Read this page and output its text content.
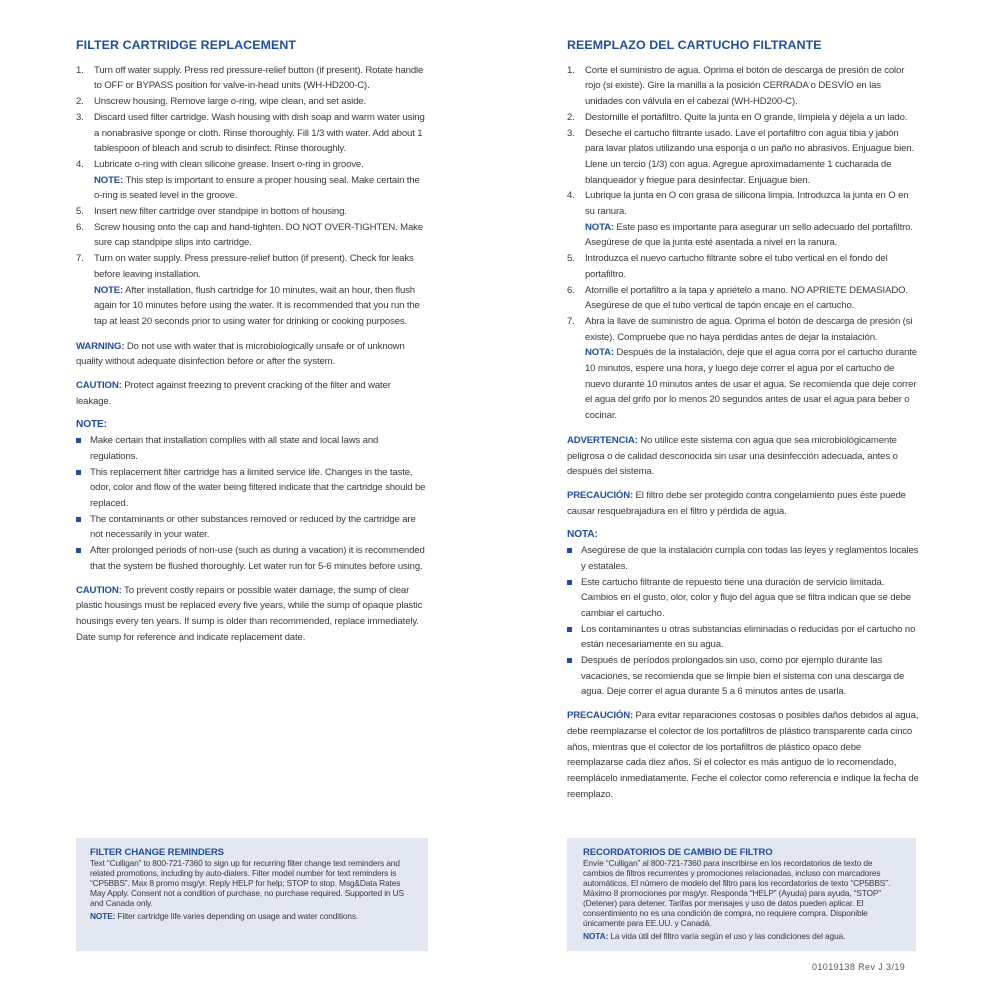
FILTER CARTRIDGE REPLACEMENT
1. Turn off water supply. Press red pressure-relief button (if present). Rotate handle to OFF or BYPASS position for valve-in-head units (WH-HD200-C).
2. Unscrew housing. Remove large o-ring, wipe clean, and set aside.
3. Discard used filter cartridge. Wash housing with dish soap and warm water using a nonabrasive sponge or cloth. Rinse thoroughly. Fill 1/3 with water. Add about 1 tablespoon of bleach and scrub to disinfect. Rinse thoroughly.
4. Lubricate o-ring with clean silicone grease. Insert o-ring in groove.
NOTE: This step is important to ensure a proper housing seal. Make certain the o-ring is seated level in the groove.
5. Insert new filter cartridge over standpipe in bottom of housing.
6. Screw housing onto the cap and hand-tighten. DO NOT OVER-TIGHTEN. Make sure cap standpipe slips into cartridge.
7. Turn on water supply. Press pressure-relief button (if present). Check for leaks before leaving installation.
NOTE: After installation, flush cartridge for 10 minutes, wait an hour, then flush again for 10 minutes before using the water. It is recommended that you run the tap at least 20 seconds prior to using water for drinking or cooking purposes.

WARNING: Do not use with water that is microbiologically unsafe or of unknown quality without adequate disinfection before or after the system.

CAUTION: Protect against freezing to prevent cracking of the filter and water leakage.

NOTE:
Make certain that installation complies with all state and local laws and regulations.
This replacement filter cartridge has a limited service life. Changes in the taste, odor, color and flow of the water being filtered indicate that the cartridge should be replaced.
The contaminants or other substances removed or reduced by the cartridge are not necessarily in your water.
After prolonged periods of non-use (such as during a vacation) it is recommended that the system be flushed thoroughly. Let water run for 5-6 minutes before using.

CAUTION: To prevent costly repairs or possible water damage, the sump of clear plastic housings must be replaced every five years, while the sump of opaque plastic housings every ten years. If sump is older than recommended, replace immediately. Date sump for reference and indicate replacement date.

REEMPLAZO DEL CARTUCHO FILTRANTE
1. Corte el suministro de agua. Oprima el botón de descarga de presión de color rojo (si existe). Gire la manilla a la posición CERRADA o DESVÍO en las unidades con válvula en el cabezal (WH-HD200-C).
2. Destornille el portafiltro. Quite la junta en O grande, límpiela y déjela a un lado.
3. Deseche el cartucho filtrante usado. Lave el portafiltro con agua tibia y jabón para lavar platos utilizando una esponja o un paño no abrasivos. Enjuague bien. Llene un tercio (1/3) con agua. Agregue aproximadamente 1 cucharada de blanqueador y friegue para desinfectar. Enjuague bien.
4. Lubrique la junta en O con grasa de silicona limpia. Introduzca la junta en O en su ranura.
NOTA: Este paso es importante para asegurar un sello adecuado del portafiltro. Asegúrese de que la junta esté asentada a nivel en la ranura.
5. Introduzca el nuevo cartucho filtrante sobre el tubo vertical en el fondo del portafiltro.
6. Atornille el portafiltro a la tapa y apriételo a mano. NO APRIETE DEMASIADO. Asegúrese de que el tubo vertical de tapón encaje en el cartucho.
7. Abra la llave de suministro de agua. Oprima el botón de descarga de presión (si existe). Compruebe que no haya pérdidas antes de dejar la instalación.
NOTA: Después de la instalación, deje que el agua corra por el cartucho durante 10 minutos, espere una hora, y luego deje correr el agua por el cartucho de nuevo durante 10 minutos antes de usar el agua. Se recomienda que deje correr el agua del grifo por lo menos 20 segundos antes de usar el agua para beber o cocinar.

ADVERTENCIA: No utilice este sistema con agua que sea microbiológicamente peligrosa o de calidad desconocida sin usar una desinfección adecuada, antes o después del sistema.

PRECAUCIÓN: El filtro debe ser protegido contra congelamiento pues éste puede causar resquebrajadura en el filtro y pérdida de agua.

NOTA:
Asegúrese de que la instalación cumpla con todas las leyes y reglamentos locales y estatales.
Este cartucho filtrante de repuesto tiene una duración de servicio limitada. Cambios en el gusto, olor, color y flujo del agua que se filtra indican que se debe cambiar el cartucho.
Los contaminantes u otras substancias eliminadas o reducidas por el cartucho no están necesariamente en su agua.
Después de períodos prolongados sin uso, como por ejemplo durante las vacaciones, se recomienda que se limpie bien el sistema con una descarga de agua. Deje correr el agua durante 5 a 6 minutos antes de usarla.

PRECAUCIÓN: Para evitar reparaciones costosas o posibles daños debidos al agua, debe reemplazarse el colector de los portafiltros de plástico transparente cada cinco años, mientras que el colector de los portafiltros de plástico opaco debe reemplazarse cada diez años. Si el colector es más antiguo de lo recomendado, reemplácelo inmediatamente. Feche el colector como referencia e indique la fecha de reemplazo.

FILTER CHANGE REMINDERS

Text “Culligan” to 800-721-7360 to sign up for recurring filter change text reminders and related promotions, including by auto-dialers. Filter model number for text reminders is “CP5BBS”. Max 8 promo msg/yr. Reply HELP for help; STOP to stop. Msg&Data Rates May Apply. Consent not a condition of purchase, no purchase required. Supported in US and Canada only.

NOTE: Filter cartridge life varies depending on usage and water conditions.

RECORDATORIOS DE CAMBIO DE FILTRO

Envíe “Culligan” al 800-721-7360 para inscribirse en los recordatorios de texto de cambios de filtros recurrentes y promociones relacionadas, incluso con marcadores automáticos. El número de modelo del filtro para los recordatorios de texto “CP5BBS”. Máximo 8 promociones por msg/yr. Responda “HELP” (Ayuda) para ayuda, “STOP” (Detener) para detener. Tarifas por mensajes y uso de datos pueden aplicar. El consentimiento no es una condición de compra, no requiere compra. Disponible únicamente para EE.UU. y Canadá.

NOTA: La vida útil del filtro varía según el uso y las condiciones del agua.

01019138 Rev J 3/19
